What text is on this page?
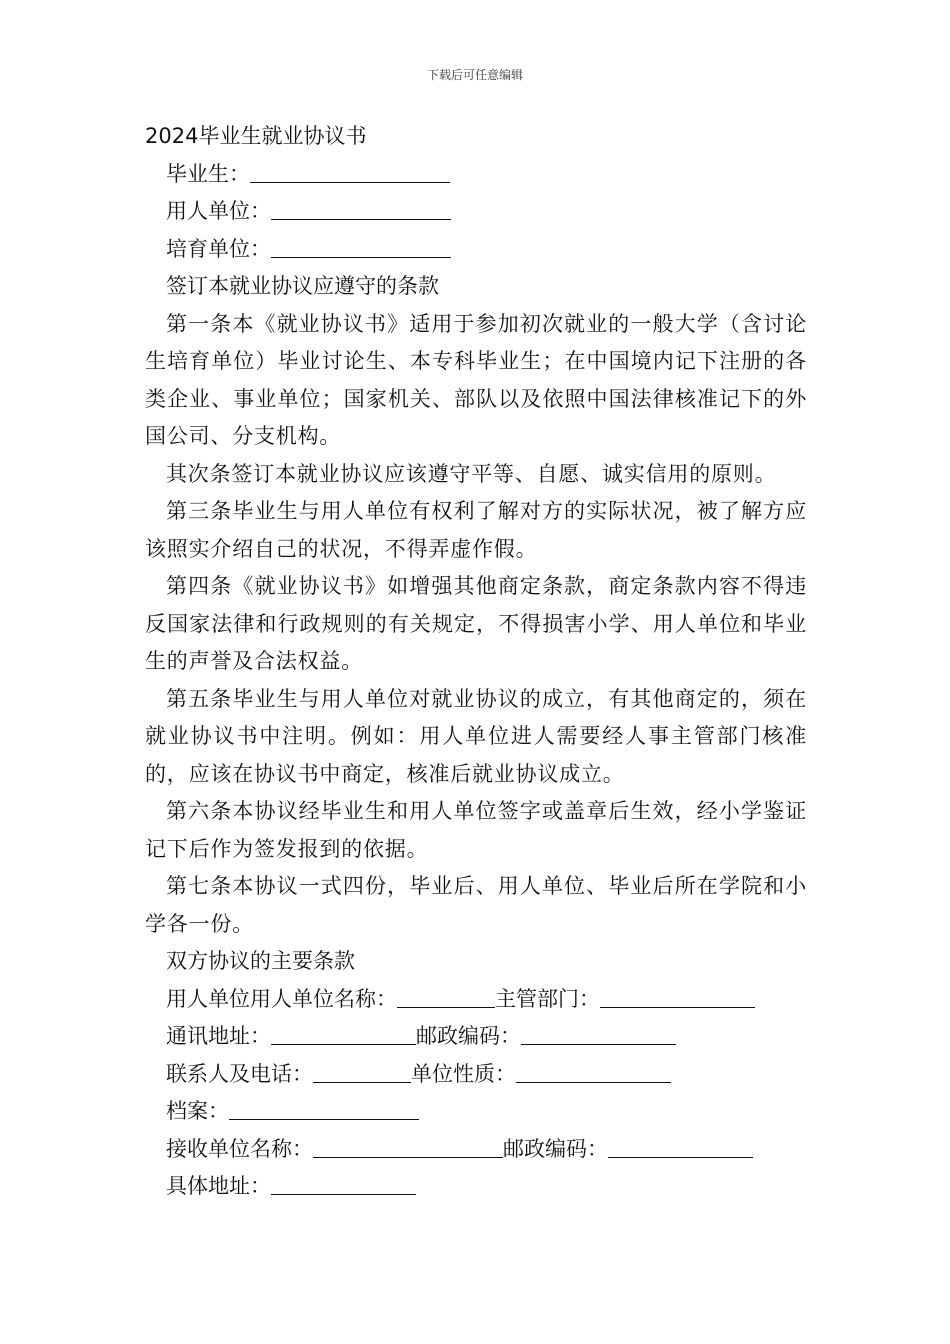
下载后可任意编辑
2024毕业生就业协议书
毕业生：
用人单位：
培育单位：
签订本就业协议应遵守的条款
第一条本《就业协议书》适用于参加初次就业的一般大学（含讨论生培育单位）毕业讨论生、本专科毕业生；在中国境内记下注册的各类企业、事业单位；国家机关、部队以及依照中国法律核准记下的外国公司、分支机构。
其次条签订本就业协议应该遵守平等、自愿、诚实信用的原则。
第三条毕业生与用人单位有权利了解对方的实际状况，被了解方应该照实介绍自己的状况，不得弄虚作假。
第四条《就业协议书》如增强其他商定条款，商定条款内容不得违反国家法律和行政规则的有关规定，不得损害小学、用人单位和毕业生的声誉及合法权益。
第五条毕业生与用人单位对就业协议的成立，有其他商定的，须在就业协议书中注明。例如：用人单位进人需要经人事主管部门核准的，应该在协议书中商定，核准后就业协议成立。
第六条本协议经毕业生和用人单位签字或盖章后生效，经小学鉴证记下后作为签发报到的依据。
第七条本协议一式四份，毕业后、用人单位、毕业后所在学院和小学各一份。
双方协议的主要条款
用人单位用人单位名称：	主管部门：
通讯地址：	邮政编码：
联系人及电话：	单位性质：
档案：
接收单位名称：	邮政编码：
具体地址：
